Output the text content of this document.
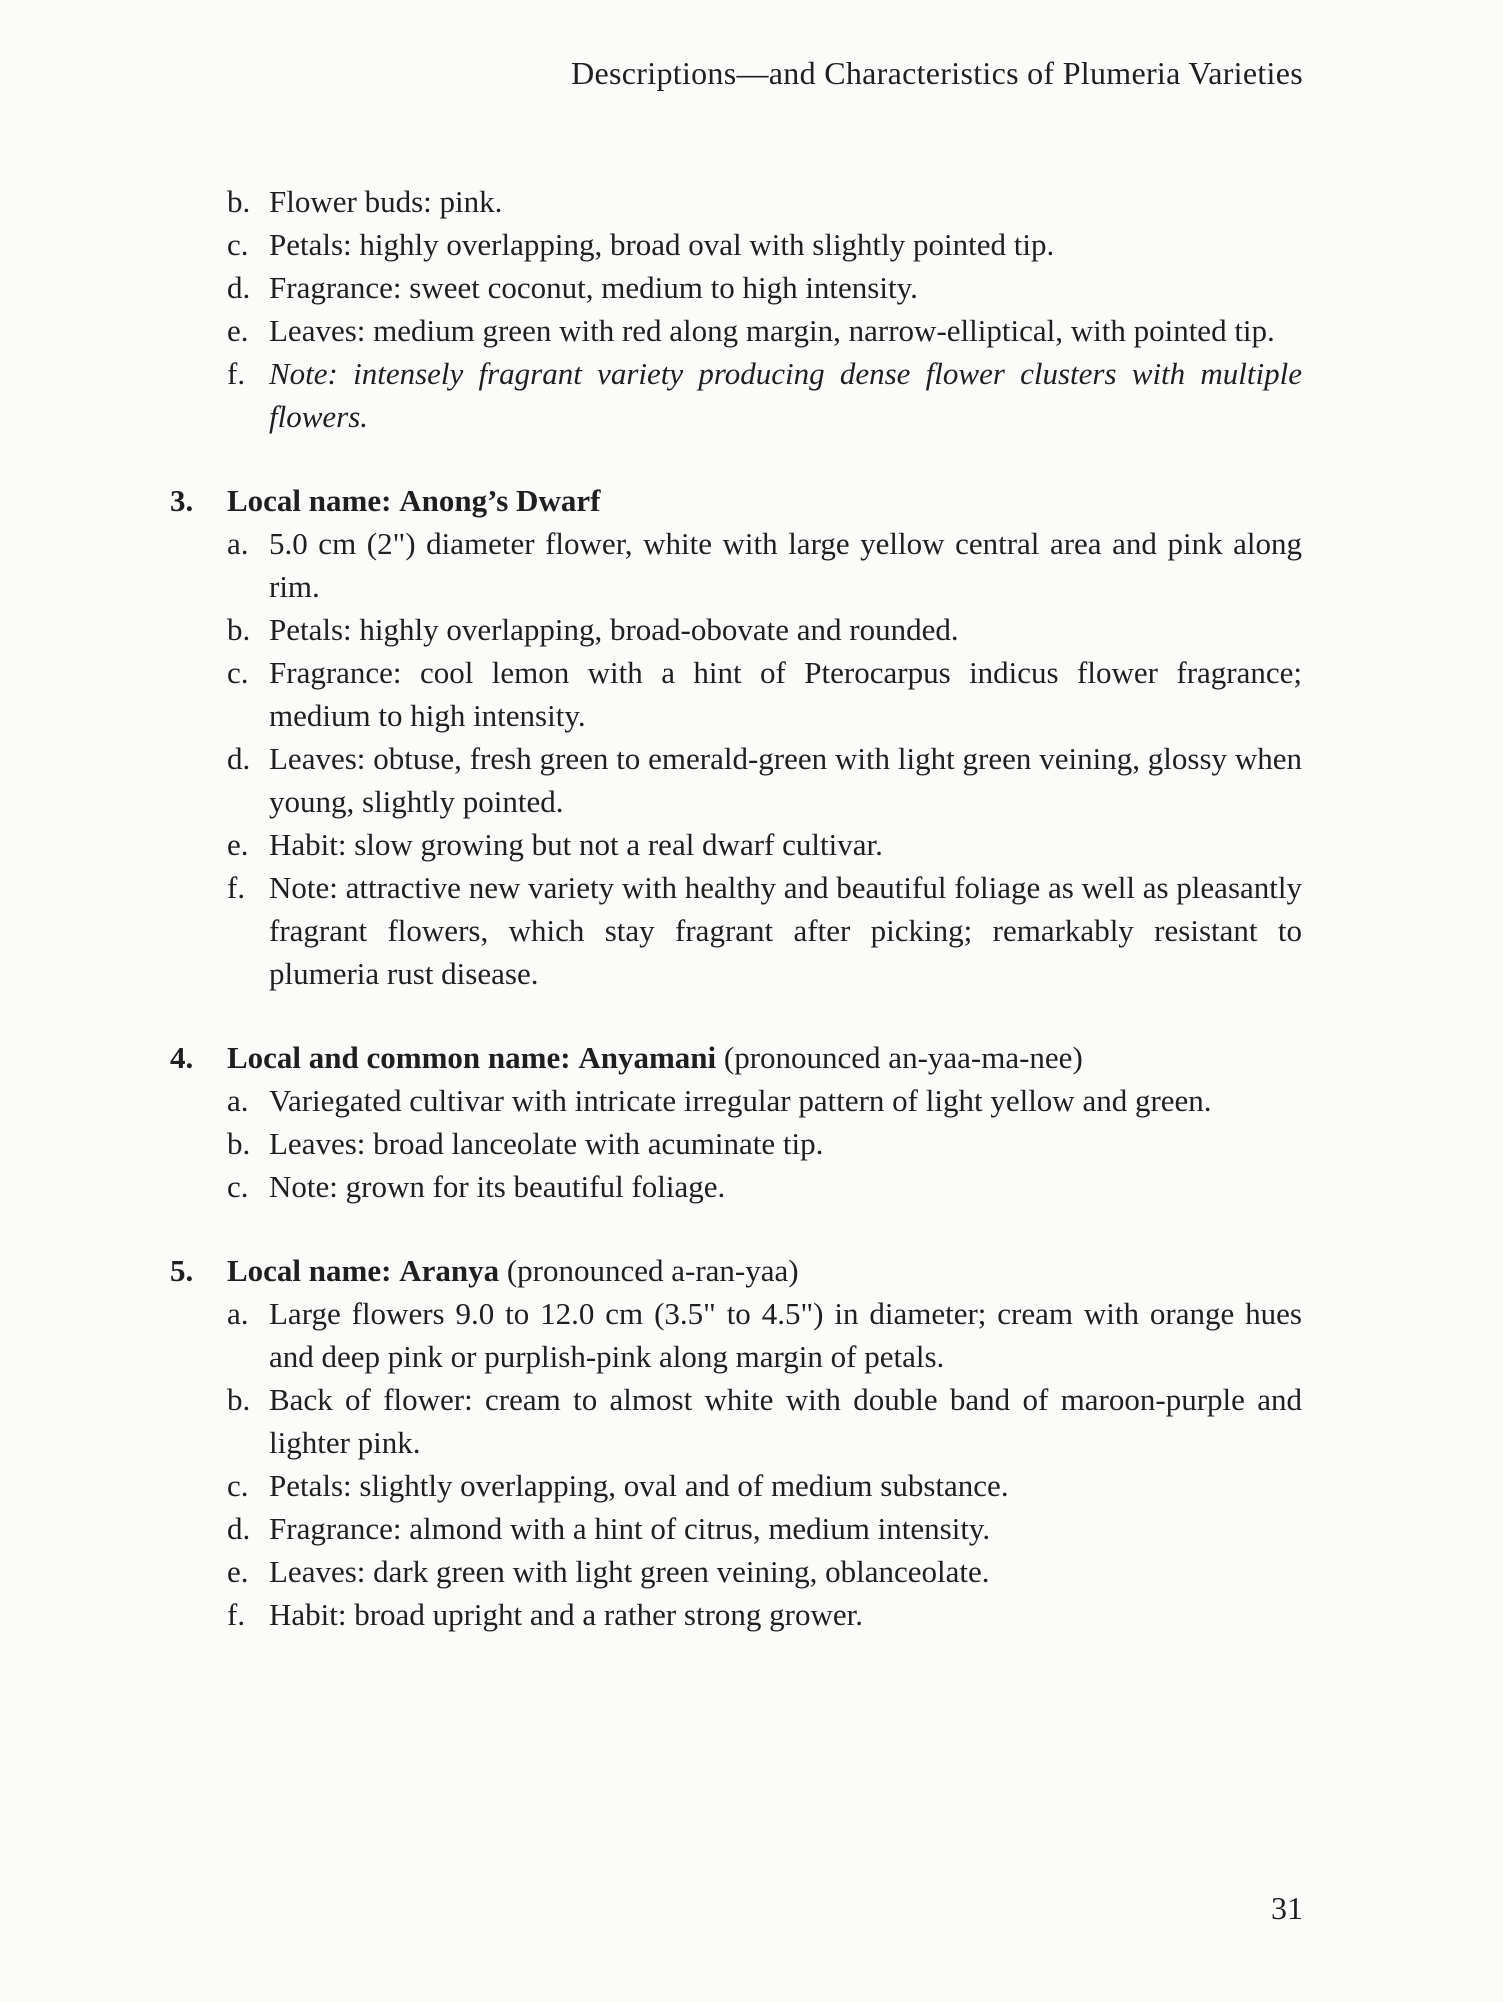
Descriptions—and Characteristics of Plumeria Varieties
b. Flower buds: pink.
c. Petals: highly overlapping, broad oval with slightly pointed tip.
d. Fragrance: sweet coconut, medium to high intensity.
e. Leaves: medium green with red along margin, narrow-elliptical, with pointed tip.
f. Note: intensely fragrant variety producing dense flower clusters with multiple flowers.
3.	Local name: Anong’s Dwarf
a. 5.0 cm (2") diameter flower, white with large yellow central area and pink along rim.
b. Petals: highly overlapping, broad-obovate and rounded.
c. Fragrance: cool lemon with a hint of Pterocarpus indicus flower fragrance; medium to high intensity.
d. Leaves: obtuse, fresh green to emerald-green with light green veining, glossy when young, slightly pointed.
e. Habit: slow growing but not a real dwarf cultivar.
f. Note: attractive new variety with healthy and beautiful foliage as well as pleasantly fragrant flowers, which stay fragrant after picking; remarkably resistant to plumeria rust disease.
4.	Local and common name: Anyamani (pronounced an-yaa-ma-nee)
a. Variegated cultivar with intricate irregular pattern of light yellow and green.
b. Leaves: broad lanceolate with acuminate tip.
c. Note: grown for its beautiful foliage.
5.	Local name: Aranya (pronounced a-ran-yaa)
a. Large flowers 9.0 to 12.0 cm (3.5" to 4.5") in diameter; cream with orange hues and deep pink or purplish-pink along margin of petals.
b. Back of flower: cream to almost white with double band of maroon-purple and lighter pink.
c. Petals: slightly overlapping, oval and of medium substance.
d. Fragrance: almond with a hint of citrus, medium intensity.
e. Leaves: dark green with light green veining, oblanceolate.
f. Habit: broad upright and a rather strong grower.
31
